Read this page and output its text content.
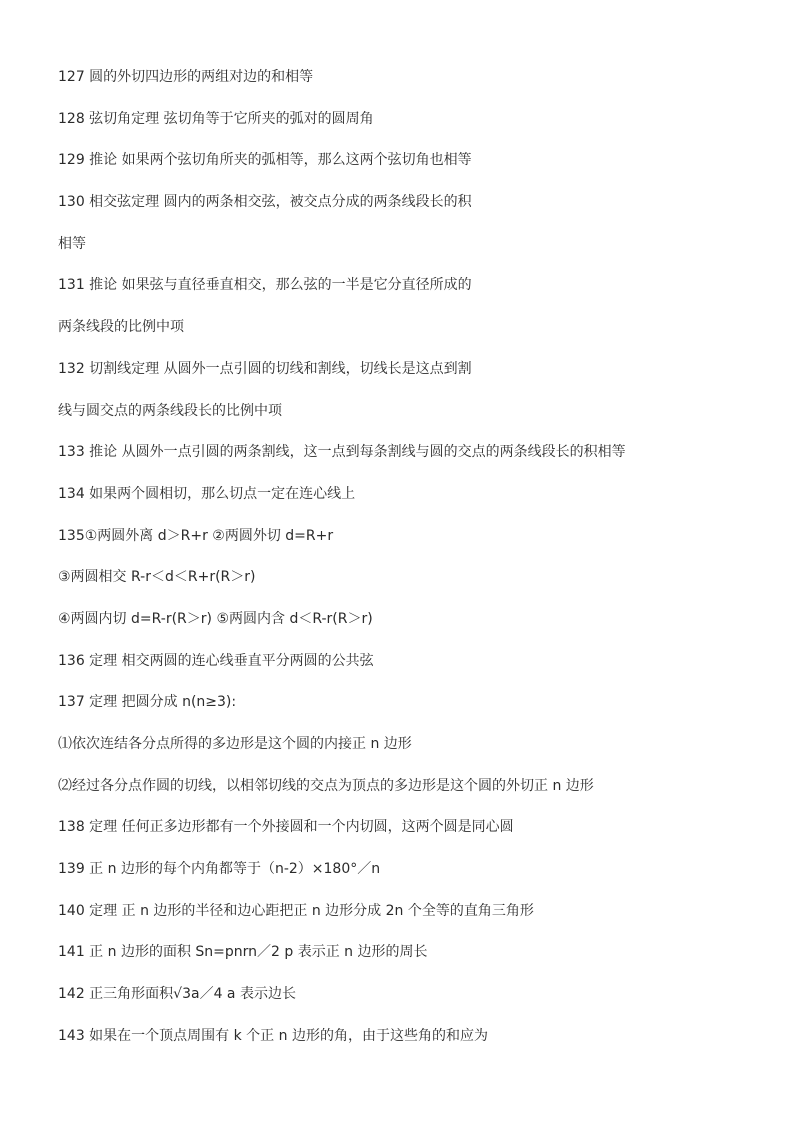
127 圆的外切四边形的两组对边的和相等
128 弦切角定理 弦切角等于它所夹的弧对的圆周角
129 推论 如果两个弦切角所夹的弧相等，那么这两个弦切角也相等
130 相交弦定理 圆内的两条相交弦，被交点分成的两条线段长的积
相等
131 推论 如果弦与直径垂直相交，那么弦的一半是它分直径所成的
两条线段的比例中项
132 切割线定理 从圆外一点引圆的切线和割线，切线长是这点到割
线与圆交点的两条线段长的比例中项
133 推论 从圆外一点引圆的两条割线，这一点到每条割线与圆的交点的两条线段长的积相等
134 如果两个圆相切，那么切点一定在连心线上
135①两圆外离 d＞R+r ②两圆外切 d=R+r
③两圆相交 R-r＜d＜R+r(R＞r)
④两圆内切 d=R-r(R＞r) ⑤两圆内含 d＜R-r(R＞r)
136 定理 相交两圆的连心线垂直平分两圆的公共弦
137 定理 把圆分成 n(n≥3):
⑴依次连结各分点所得的多边形是这个圆的内接正 n 边形
⑵经过各分点作圆的切线，以相邻切线的交点为顶点的多边形是这个圆的外切正 n 边形
138 定理 任何正多边形都有一个外接圆和一个内切圆，这两个圆是同心圆
139 正 n 边形的每个内角都等于（n-2）×180°／n
140 定理 正 n 边形的半径和边心距把正 n 边形分成 2n 个全等的直角三角形
141 正 n 边形的面积 Sn=pnrn／2 p 表示正 n 边形的周长
142 正三角形面积√3a／4 a 表示边长
143 如果在一个顶点周围有 k 个正 n 边形的角，由于这些角的和应为
